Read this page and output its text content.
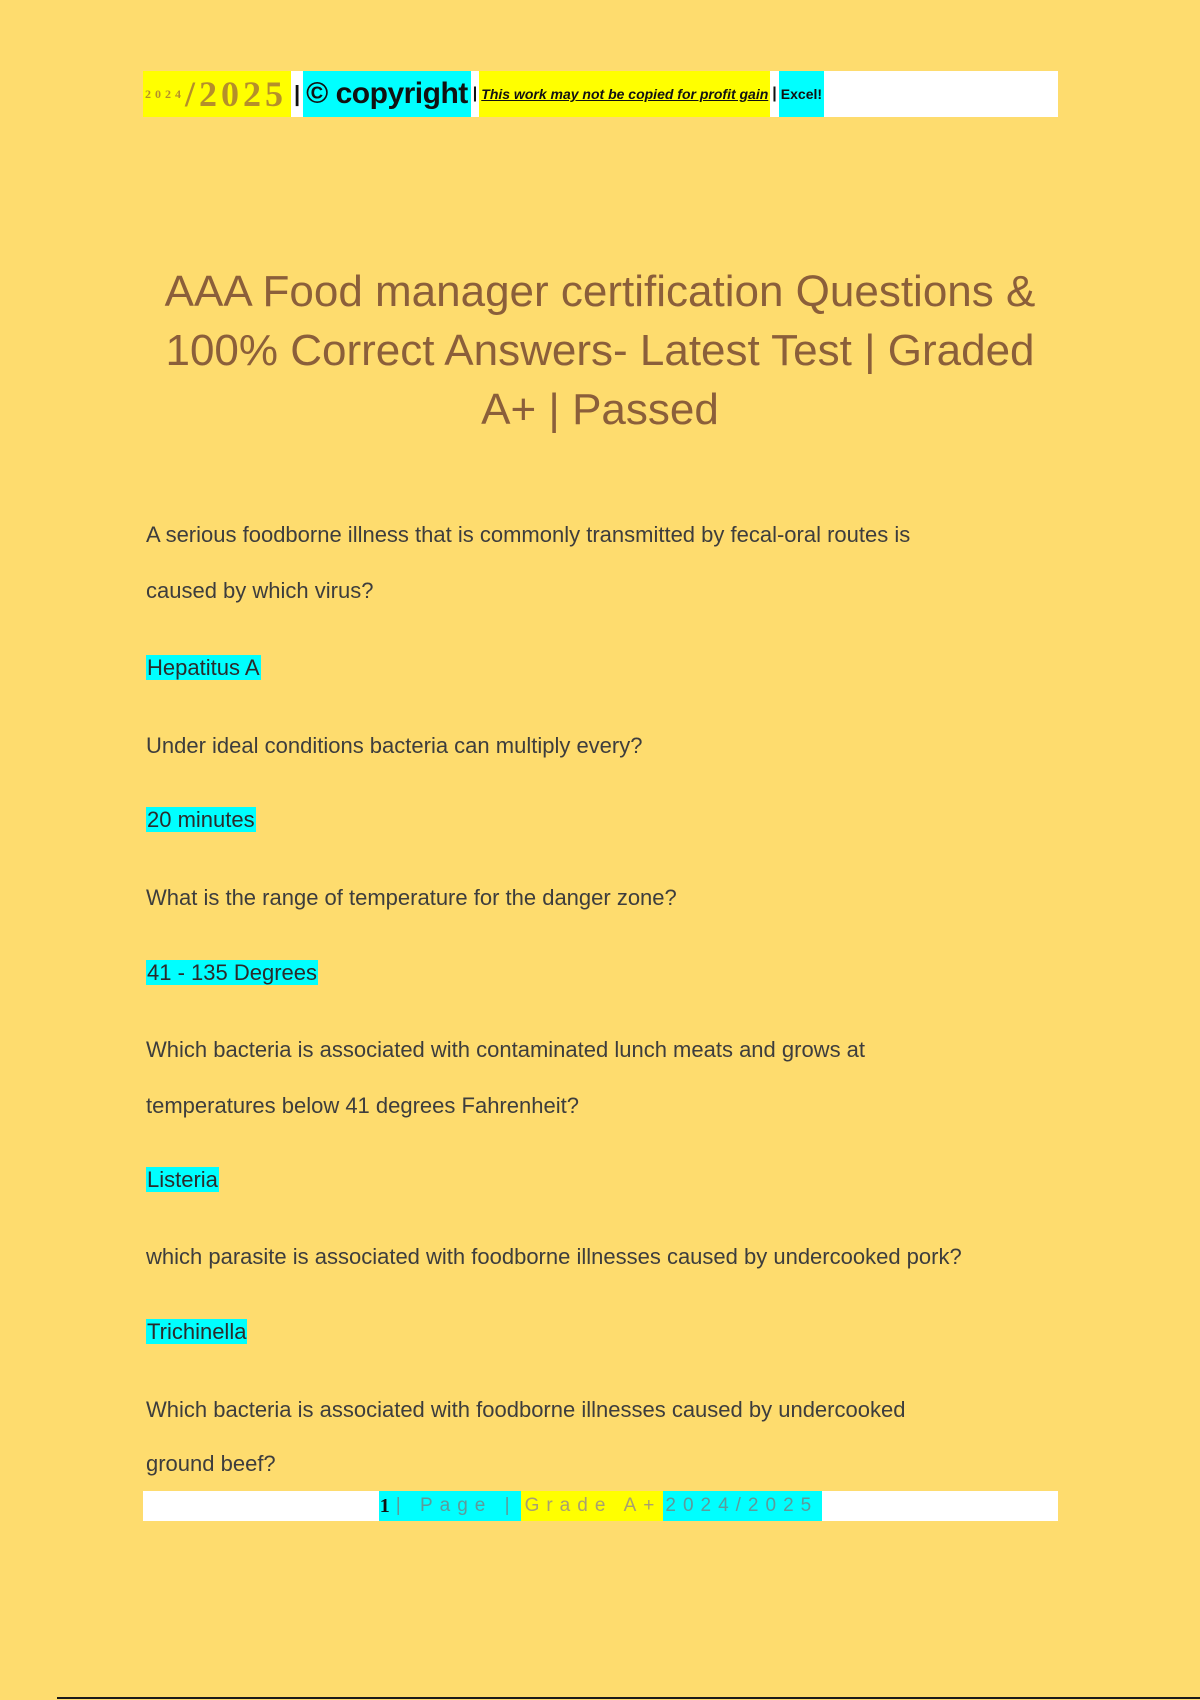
2024 /2025 | © copyright | This work may not be copied for profit gain | Excel!
AAA Food manager certification Questions &
100% Correct Answers- Latest Test | Graded
A+ | Passed
A serious foodborne illness that is commonly transmitted by fecal-oral routes is
caused by which virus?
Hepatitus A
Under ideal conditions bacteria can multiply every?
20 minutes
What is the range of temperature for the danger zone?
41 - 135 Degrees
Which bacteria is associated with contaminated lunch meats and grows at
temperatures below 41 degrees Fahrenheit?
Listeria
which parasite is associated with foodborne illnesses caused by undercooked pork?
Trichinella
Which bacteria is associated with foodborne illnesses caused by undercooked
ground beef?
1 | Page | Grade A+ 2024/2025
